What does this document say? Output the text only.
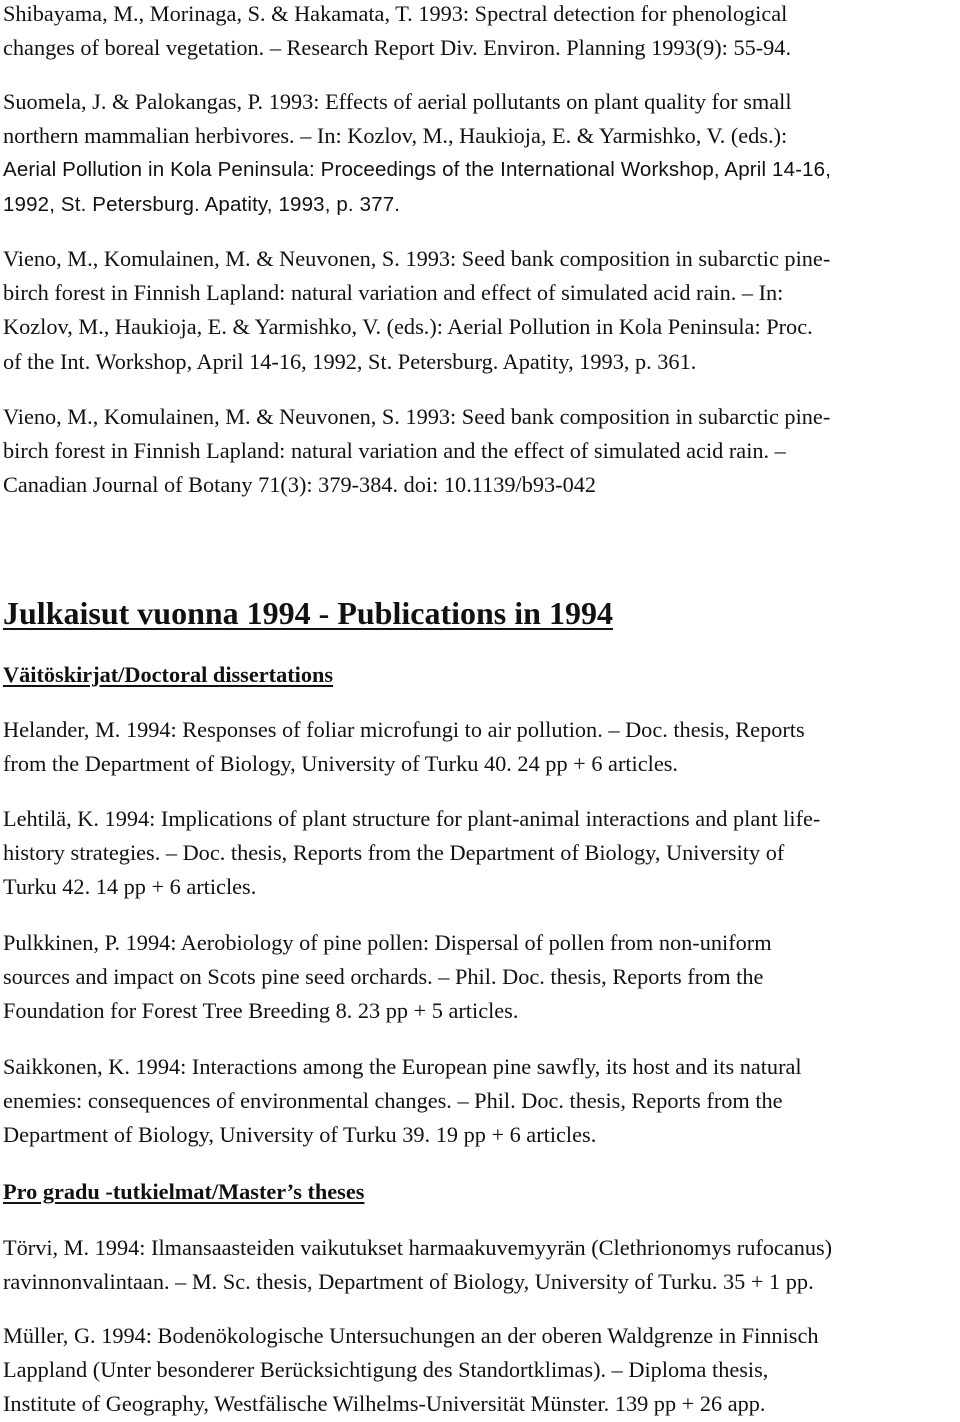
Shibayama, M., Morinaga, S. & Hakamata, T. 1993: Spectral detection for phenological
changes of boreal vegetation. – Research Report Div. Environ. Planning 1993(9): 55-94.
Suomela, J. & Palokangas, P. 1993: Effects of aerial pollutants on plant quality for small
northern mammalian herbivores. – In: Kozlov, M., Haukioja, E. & Yarmishko, V. (eds.):
Aerial Pollution in Kola Peninsula: Proceedings of the International Workshop, April 14-16,
1992, St. Petersburg. Apatity, 1993, p. 377.
Vieno, M., Komulainen, M. & Neuvonen, S. 1993: Seed bank composition in subarctic pine-
birch forest in Finnish Lapland: natural variation and effect of simulated acid rain. – In:
Kozlov, M., Haukioja, E. & Yarmishko, V. (eds.): Aerial Pollution in Kola Peninsula: Proc.
of the Int. Workshop, April 14-16, 1992, St. Petersburg. Apatity, 1993, p. 361.
Vieno, M., Komulainen, M. & Neuvonen, S. 1993: Seed bank composition in subarctic pine-
birch forest in Finnish Lapland: natural variation and the effect of simulated acid rain. –
Canadian Journal of Botany 71(3): 379-384. doi: 10.1139/b93-042
Julkaisut vuonna 1994 - Publications in 1994
Väitöskirjat/Doctoral dissertations
Helander, M. 1994: Responses of foliar microfungi to air pollution. – Doc. thesis, Reports
from the Department of Biology, University of Turku 40. 24 pp + 6 articles.
Lehtilä, K. 1994: Implications of plant structure for plant-animal interactions and plant life-
history strategies. – Doc. thesis, Reports from the Department of Biology, University of
Turku 42. 14 pp + 6 articles.
Pulkkinen, P. 1994: Aerobiology of pine pollen: Dispersal of pollen from non-uniform
sources and impact on Scots pine seed orchards. – Phil. Doc. thesis, Reports from the
Foundation for Forest Tree Breeding 8. 23 pp + 5 articles.
Saikkonen, K. 1994: Interactions among the European pine sawfly, its host and its natural
enemies: consequences of environmental changes. – Phil. Doc. thesis, Reports from the
Department of Biology, University of Turku 39. 19 pp + 6 articles.
Pro gradu -tutkielmat/Master’s theses
Törvi, M. 1994: Ilmansaasteiden vaikutukset harmaakuvemyyrän (Clethrionomys rufocanus)
ravinnonvalintaan. – M. Sc. thesis, Department of Biology, University of Turku. 35 + 1 pp.
Müller, G. 1994: Bodenökologische Untersuchungen an der oberen Waldgrenze in Finnisch
Lappland (Unter besonderer Berücksichtigung des Standortklimas). – Diploma thesis,
Institute of Geography, Westfälische Wilhelms-Universität Münster. 139 pp + 26 app.
